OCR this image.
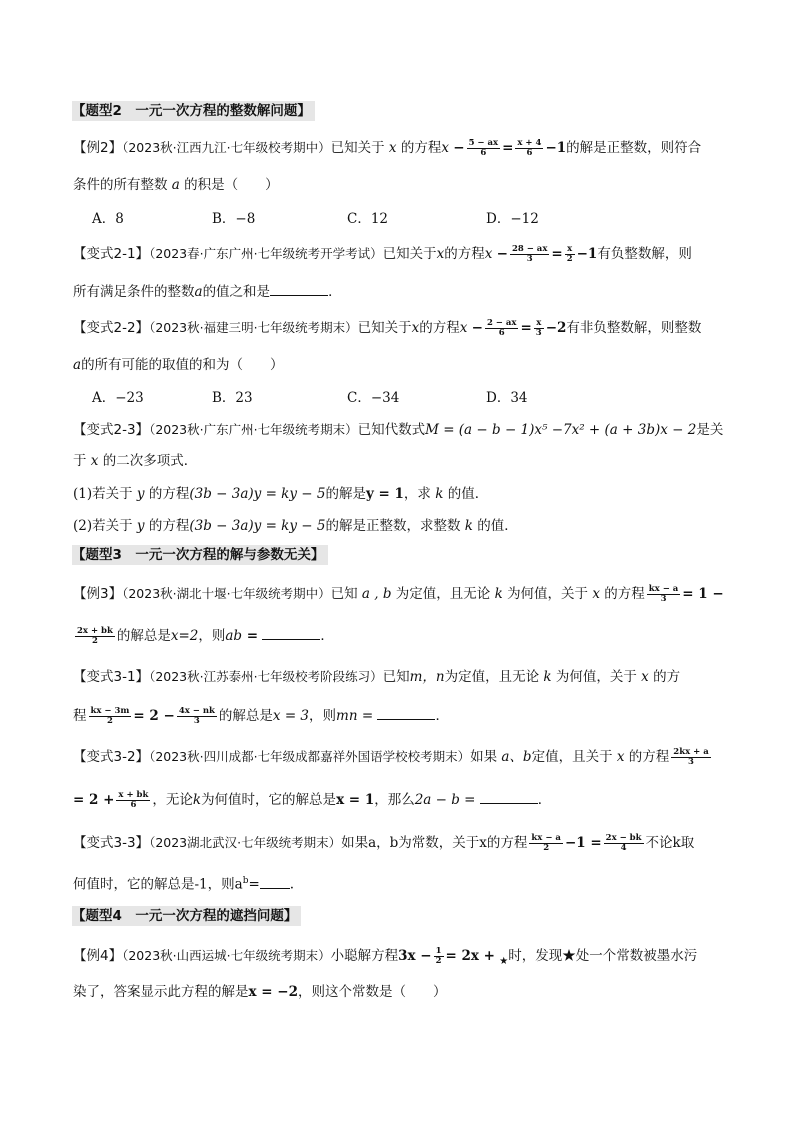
【题型2　一元一次方程的整数解问题】
【例2】（2023秋·江西九江·七年级校考期中）已知关于 x 的方程$x - \frac{5 - ax}{6} = \frac{x + 4}{6} -1$的解是正整数，则符合
条件的所有整数 a 的积是（　　）
A．8	B．−8	C．12	D．−12
【变式2-1】（2023春·广东广州·七年级统考开学考试）已知关于x的方程$x - \frac{28 - ax}{3} = \frac{x}{2} -1$有负整数解，则
所有满足条件的整数a的值之和是	．
【变式2-2】（2023秋·福建三明·七年级统考期末）已知关于x的方程$x - \frac{2 - ax}{6} = \frac{x}{3} -2$有非负整数解，则整数
a的所有可能的取值的和为（　　）
A．−23	B．23	C．−34	D．34
【变式2-3】（2023秋·广东广州·七年级统考期末）已知代数式M = (a − b − 1)x⁵ −7x² + (a + 3b)x − 2是关
于 x 的二次多项式．
(1)若关于 y 的方程(3b − 3a)y = ky − 5的解是y = 1，求 k 的值．
(2)若关于 y 的方程(3b − 3a)y = ky − 5的解是正整数，求整数 k 的值．
【题型3　一元一次方程的解与参数无关】
【例3】（2023秋·湖北十堰·七年级统考期中）已知 a , b 为定值，且无论 k 为何值，关于 x 的方程 $\frac{kx - a}{3} = 1$ −
$\frac{2x + bk}{2}$ 的解总是x=2，则ab =	．
【变式3-1】（2023秋·江苏泰州·七年级校考阶段练习）已知m，n为定值，且无论 k 为何值，关于 x 的方
程 $\frac{kx - 3m}{2} = 2 - \frac{4x - nk}{3}$ 的解总是x = 3，则mn =	．
【变式3-2】（2023秋·四川成都·七年级成都嘉祥外国语学校校考期末）如果 a、b定值，且关于 x 的方程 $\frac{2kx + a}{3}$
= $2 + \frac{x + bk}{6}$ ，无论k为何值时，它的解总是x = 1，那么2a − b =	．
【变式3-3】（2023湖北武汉·七年级统考期末）如果a，b为常数，关于x的方程 $\frac{kx - a}{2} -1 = \frac{2x - bk}{4}$ 不论k取
何值时，它的解总是-1，则$a^b=$ .
【题型4　一元一次方程的遮挡问题】
【例4】（2023秋·山西运城·七年级统考期末）小聪解方程$3x - \frac{1}{2} = 2x + _★$时，发现★处一个常数被墨水污
染了，答案显示此方程的解是x = −2，则这个常数是（　　）
